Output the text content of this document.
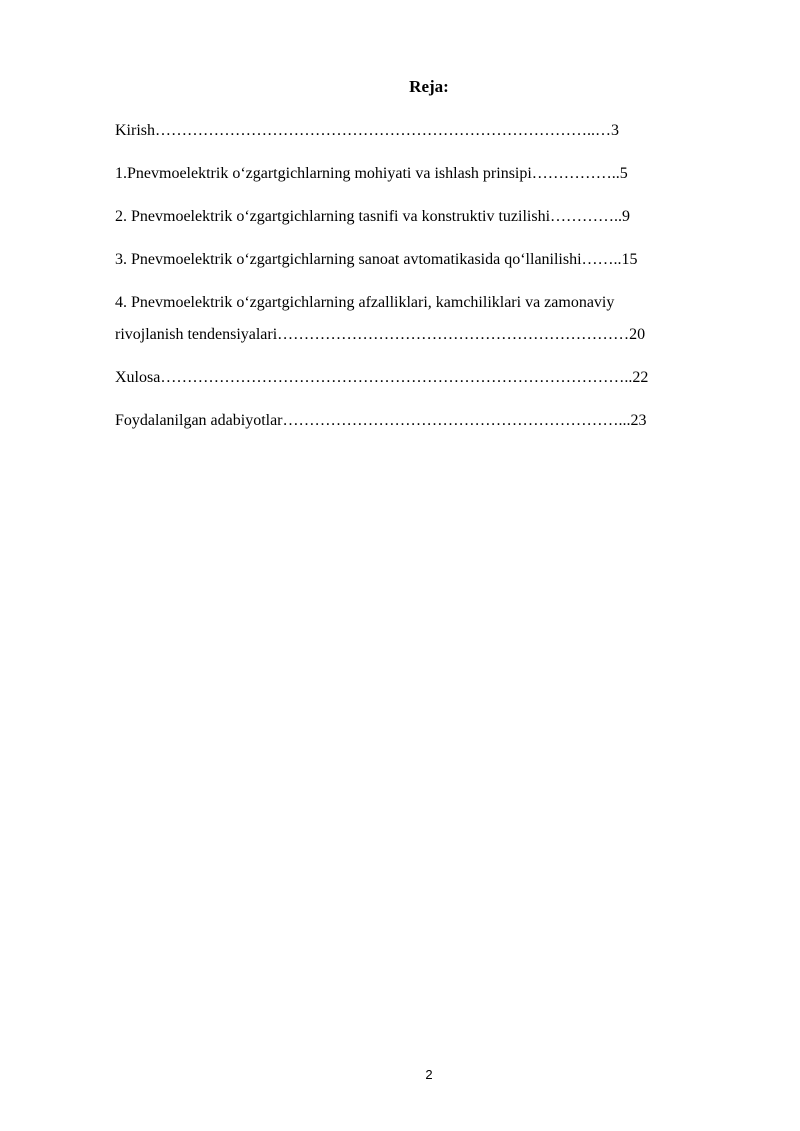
Reja:
Kirish………………………………………………………………………..…3
1.Pnevmoelektrik o‘zgartgichlarning mohiyati va ishlash prinsipi……………..5
2. Pnevmoelektrik o‘zgartgichlarning tasnifi va konstruktiv tuzilishi…………..9
3. Pnevmoelektrik o‘zgartgichlarning sanoat avtomatikasida qo‘llanilishi……..15
4. Pnevmoelektrik o‘zgartgichlarning afzalliklari, kamchiliklari va zamonaviy
rivojlanish tendensiyalari…………………………………………………………20
Xulosa……………………………………………………………………………..22
Foydalanilgan adabiyotlar………………………………………………………...23
2
